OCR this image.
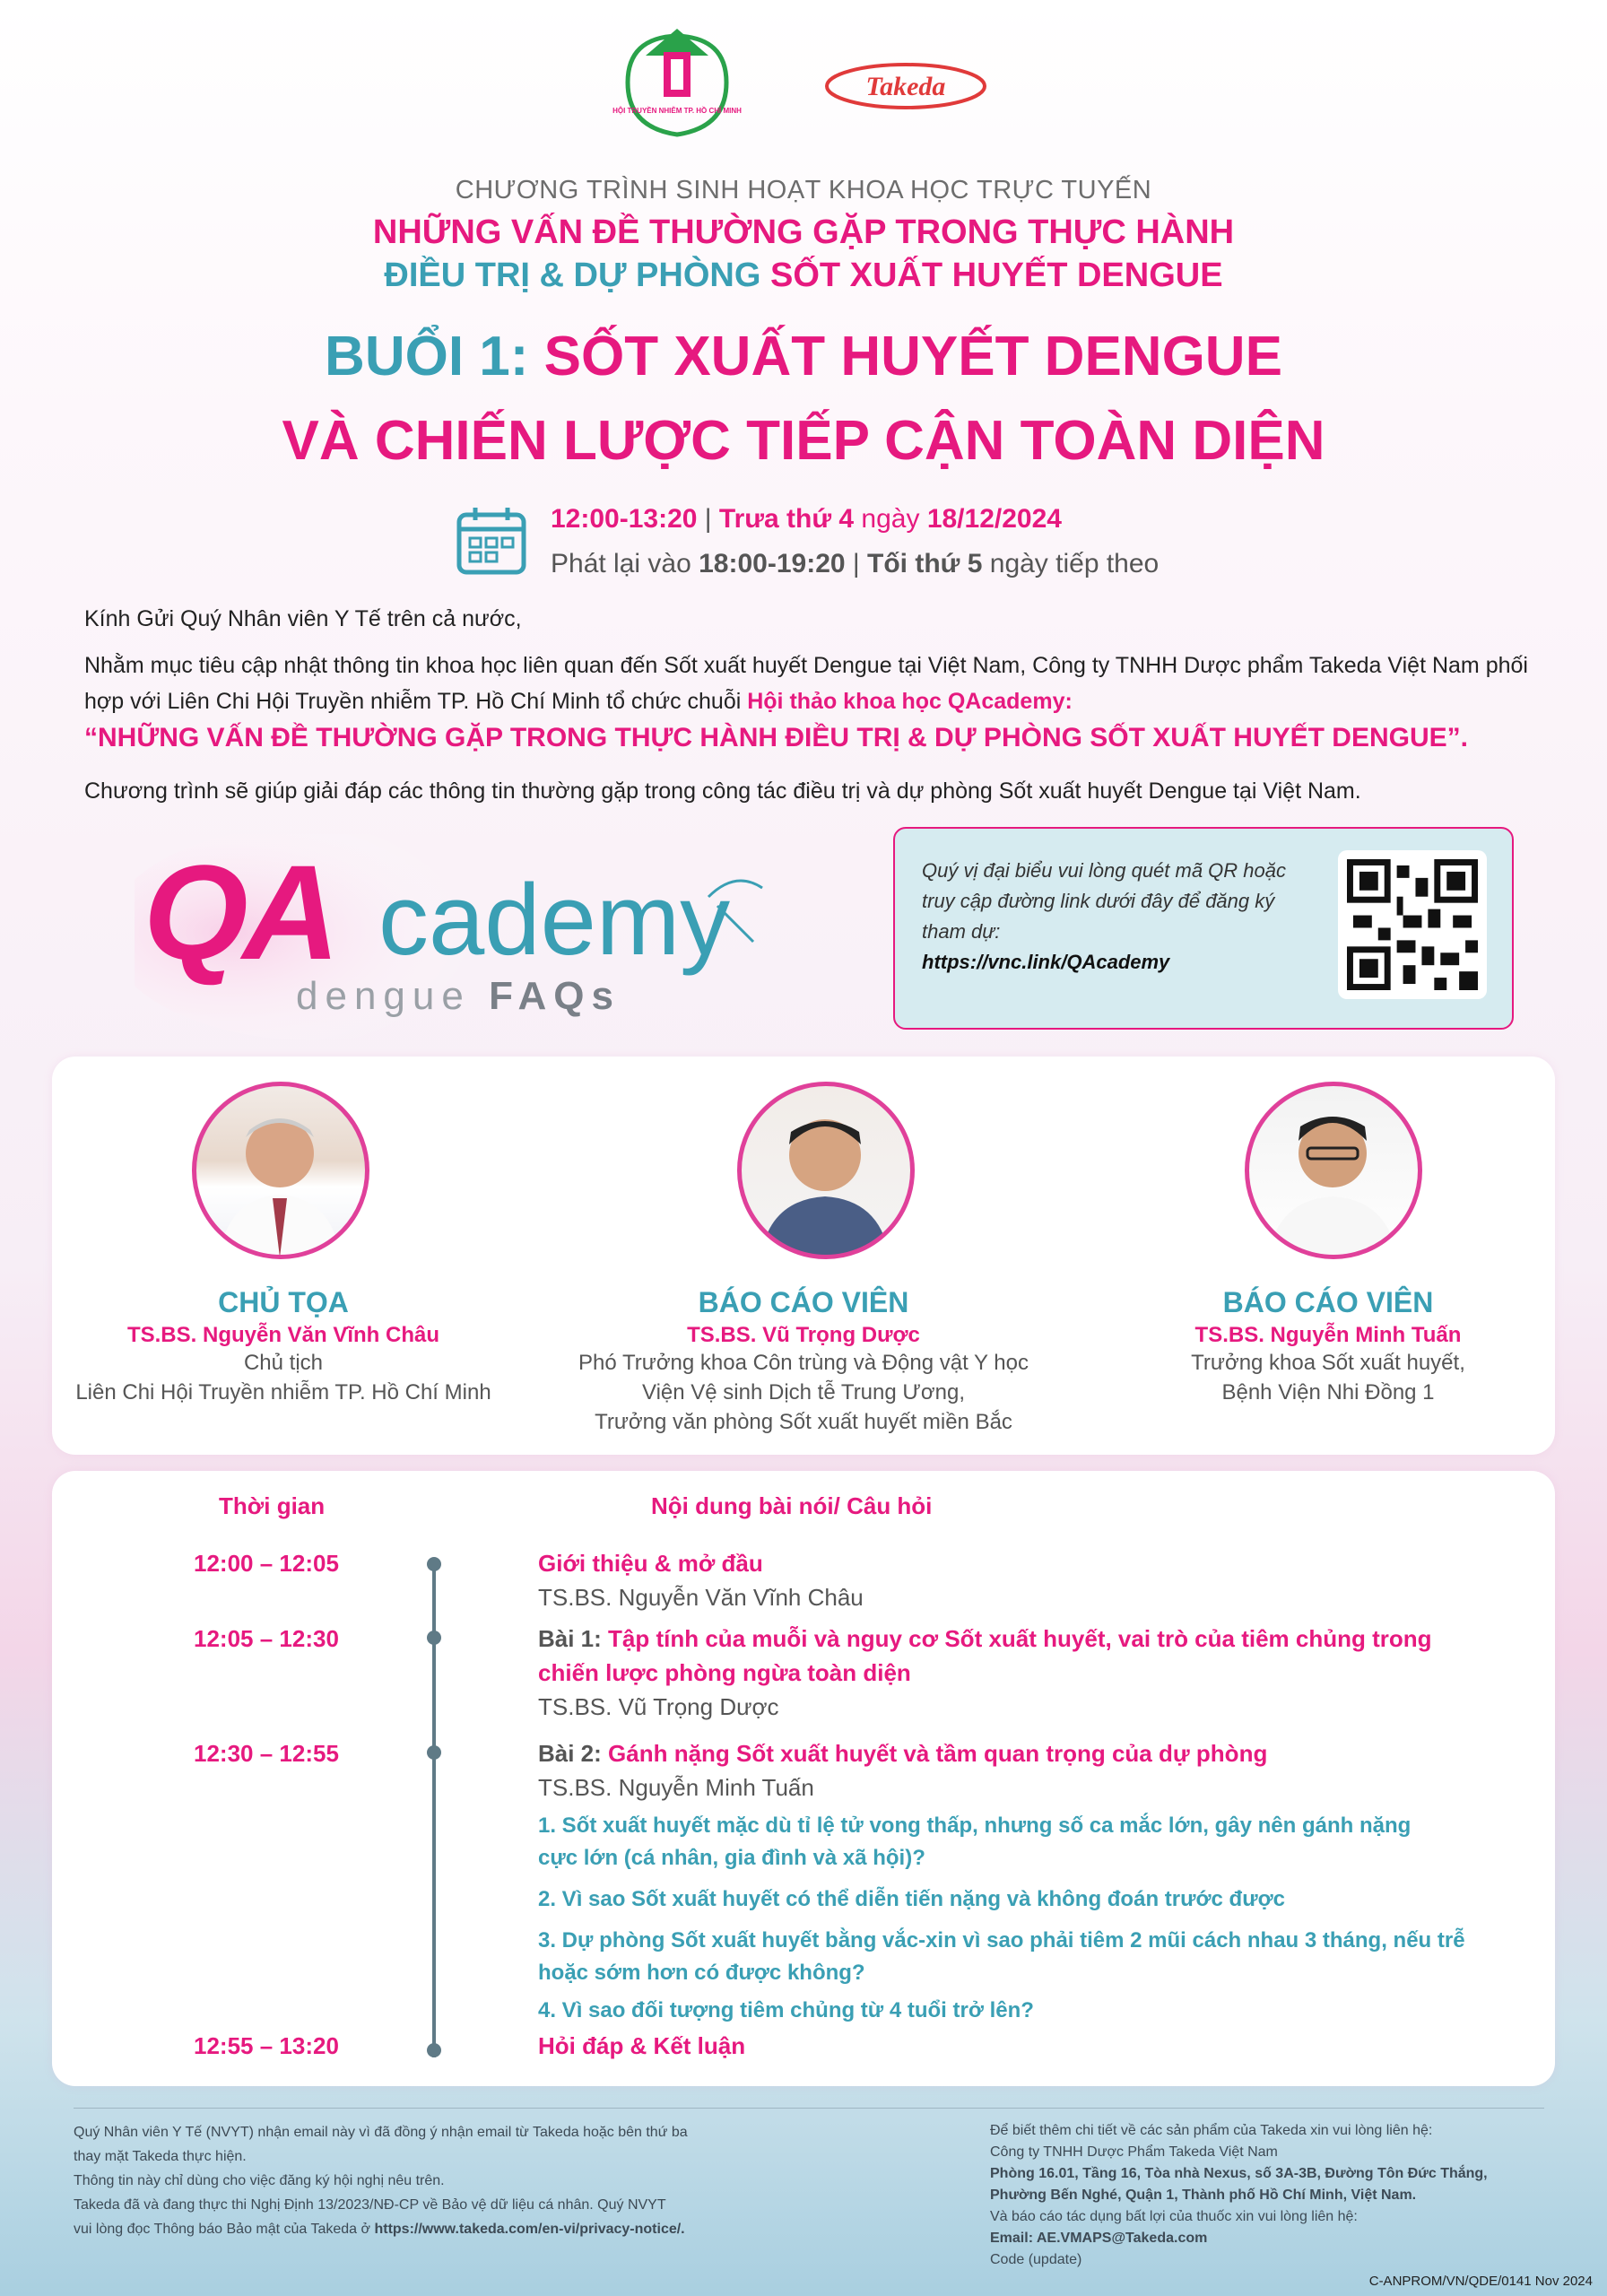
HỘI TRUYỀN NHIỄM TP. HỒ CHÍ MINH
Takeda
CHƯƠNG TRÌNH SINH HOẠT KHOA HỌC TRỰC TUYẾN
NHỮNG VẤN ĐỀ THƯỜNG GẶP TRONG THỰC HÀNH
ĐIỀU TRỊ & DỰ PHÒNG SỐT XUẤT HUYẾT DENGUE
BUỔI 1: SỐT XUẤT HUYẾT DENGUE
VÀ CHIẾN LƯỢC TIẾP CẬN TOÀN DIỆN
12:00-13:20 | Trưa thứ 4 ngày 18/12/2024
Phát lại vào 18:00-19:20 | Tối thứ 5 ngày tiếp theo
Kính Gửi Quý Nhân viên Y Tế trên cả nước,
Nhằm mục tiêu cập nhật thông tin khoa học liên quan đến Sốt xuất huyết Dengue tại Việt Nam, Công ty TNHH Dược phẩm Takeda Việt Nam phối hợp với Liên Chi Hội Truyền nhiễm TP. Hồ Chí Minh tổ chức chuỗi Hội thảo khoa học QAcademy:
“NHỮNG VẤN ĐỀ THƯỜNG GẶP TRONG THỰC HÀNH ĐIỀU TRỊ & DỰ PHÒNG SỐT XUẤT HUYẾT DENGUE”.
Chương trình sẽ giúp giải đáp các thông tin thường gặp trong công tác điều trị và dự phòng Sốt xuất huyết Dengue tại Việt Nam.
QA cademy
dengue FAQs
Quý vị đại biểu vui lòng quét mã QR hoặc truy cập đường link dưới đây để đăng ký tham dự:
https://vnc.link/QAcademy
CHỦ TỌA
TS.BS. Nguyễn Văn Vĩnh Châu
Chủ tịch
Liên Chi Hội Truyền nhiễm TP. Hồ Chí Minh
BÁO CÁO VIÊN
TS.BS. Vũ Trọng Dược
Phó Trưởng khoa Côn trùng và Động vật Y học
Viện Vệ sinh Dịch tễ Trung Ương,
Trưởng văn phòng Sốt xuất huyết miền Bắc
BÁO CÁO VIÊN
TS.BS. Nguyễn Minh Tuấn
Trưởng khoa Sốt xuất huyết,
Bệnh Viện Nhi Đồng 1
Thời gian	Nội dung bài nói/ Câu hỏi
12:00 – 12:05	Giới thiệu & mở đầu
TS.BS. Nguyễn Văn Vĩnh Châu
12:05 – 12:30	Bài 1: Tập tính của muỗi và nguy cơ Sốt xuất huyết, vai trò của tiêm chủng trong
chiến lược phòng ngừa toàn diện
TS.BS. Vũ Trọng Dược
12:30 – 12:55	Bài 2: Gánh nặng Sốt xuất huyết và tầm quan trọng của dự phòng
TS.BS. Nguyễn Minh Tuấn
1. Sốt xuất huyết mặc dù tỉ lệ tử vong thấp, nhưng số ca mắc lớn, gây nên gánh nặng
cực lớn (cá nhân, gia đình và xã hội)?
2. Vì sao Sốt xuất huyết có thể diễn tiến nặng và không đoán trước được
3. Dự phòng Sốt xuất huyết bằng vắc-xin vì sao phải tiêm 2 mũi cách nhau 3 tháng, nếu trễ
hoặc sớm hơn có được không?
4. Vì sao đối tượng tiêm chủng từ 4 tuổi trở lên?
12:55 – 13:20	Hỏi đáp & Kết luận
Quý Nhân viên Y Tế (NVYT) nhận email này vì đã đồng ý nhận email từ Takeda hoặc bên thứ ba
thay mặt Takeda thực hiện.
Thông tin này chỉ dùng cho việc đăng ký hội nghị nêu trên.
Takeda đã và đang thực thi Nghị Định 13/2023/NĐ-CP về Bảo vệ dữ liệu cá nhân. Quý NVYT
vui lòng đọc Thông báo Bảo mật của Takeda ở https://www.takeda.com/en-vi/privacy-notice/.
Để biết thêm chi tiết về các sản phẩm của Takeda xin vui lòng liên hệ:
Công ty TNHH Dược Phẩm Takeda Việt Nam
Phòng 16.01, Tầng 16, Tòa nhà Nexus, số 3A-3B, Đường Tôn Đức Thắng,
Phường Bến Nghé, Quận 1, Thành phố Hồ Chí Minh, Việt Nam.
Và báo cáo tác dụng bất lợi của thuốc xin vui lòng liên hệ:
Email: AE.VMAPS@Takeda.com
Code (update)
C-ANPROM/VN/QDE/0141 Nov 2024
